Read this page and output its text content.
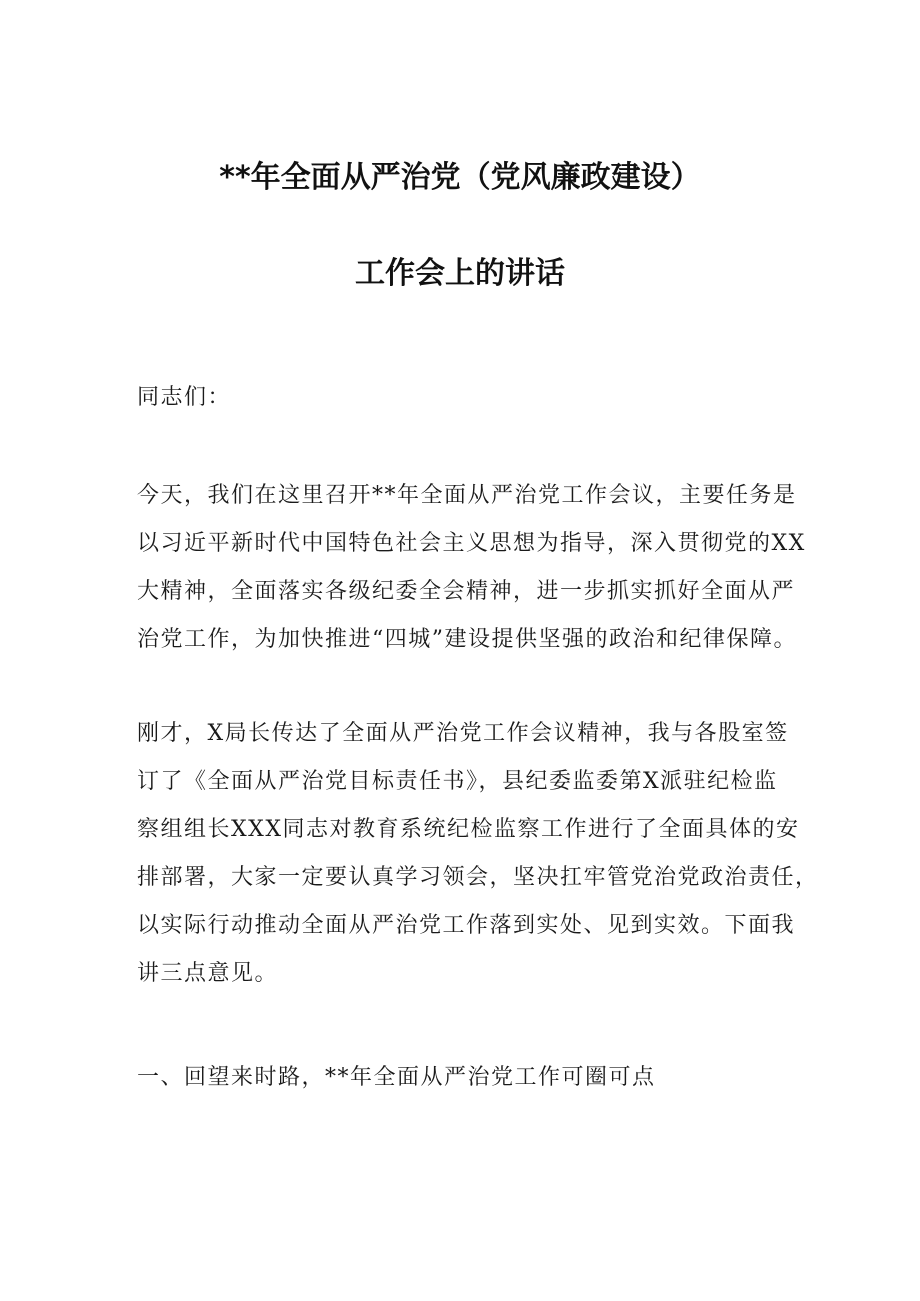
**年全面从严治党（党风廉政建设）
工作会上的讲话
同志们：
今天，我们在这里召开**年全面从严治党工作会议，主要任务是
以习近平新时代中国特色社会主义思想为指导，深入贯彻党的XX
大精神，全面落实各级纪委全会精神，进一步抓实抓好全面从严
治党工作，为加快推进“四城”建设提供坚强的政治和纪律保障。
刚才，X局长传达了全面从严治党工作会议精神，我与各股室签
订了《全面从严治党目标责任书》，县纪委监委第X派驻纪检监
察组组长XXX同志对教育系统纪检监察工作进行了全面具体的安
排部署，大家一定要认真学习领会，坚决扛牢管党治党政治责任，
以实际行动推动全面从严治党工作落到实处、见到实效。下面我
讲三点意见。
一、回望来时路，**年全面从严治党工作可圈可点
